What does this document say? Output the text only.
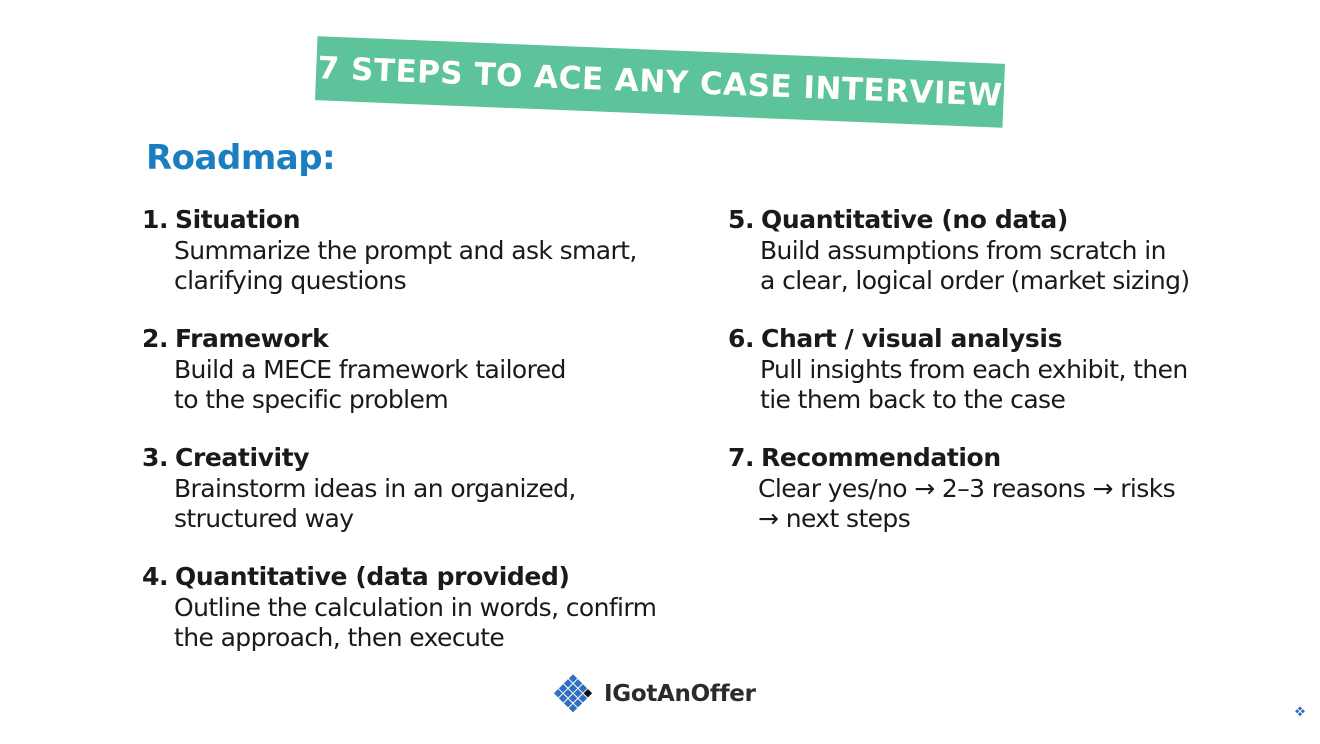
7 STEPS TO ACE ANY CASE INTERVIEW
Roadmap:
1. Situation
Summarize the prompt and ask smart,
clarifying questions
2. Framework
Build a MECE framework tailored
to the specific problem
3. Creativity
Brainstorm ideas in an organized,
structured way
4. Quantitative (data provided)
Outline the calculation in words, confirm
the approach, then execute
5. Quantitative (no data)
Build assumptions from scratch in
a clear, logical order (market sizing)
6. Chart / visual analysis
Pull insights from each exhibit, then
tie them back to the case
7. Recommendation
Clear yes/no → 2–3 reasons → risks
→ next steps
IGotAnOffer
